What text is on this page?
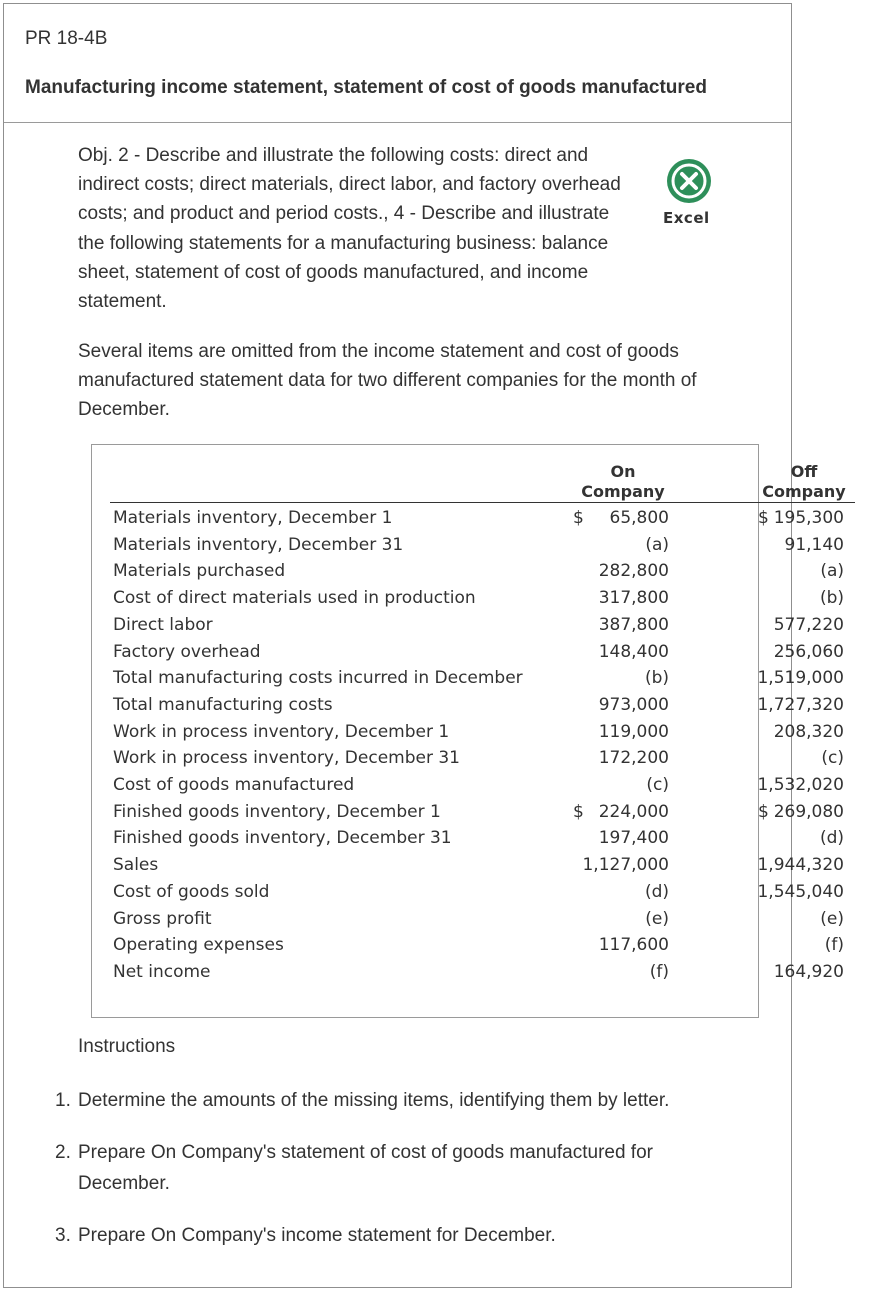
PR 18-4B
Manufacturing income statement, statement of cost of goods manufactured
Obj. 2 - Describe and illustrate the following costs: direct and indirect costs; direct materials, direct labor, and factory overhead costs; and product and period costs., 4 - Describe and illustrate the following statements for a manufacturing business: balance sheet, statement of cost of goods manufactured, and income statement.
Excel
Several items are omitted from the income statement and cost of goods manufactured statement data for two different companies for the month of December.
On
Company
Off
Company
Materials inventory, December 1	$ 65,800	$ 195,300
Materials inventory, December 31	(a)	91,140
Materials purchased	282,800	(a)
Cost of direct materials used in production	317,800	(b)
Direct labor	387,800	577,220
Factory overhead	148,400	256,060
Total manufacturing costs incurred in December	(b)	1,519,000
Total manufacturing costs	973,000	1,727,320
Work in process inventory, December 1	119,000	208,320
Work in process inventory, December 31	172,200	(c)
Cost of goods manufactured	(c)	1,532,020
Finished goods inventory, December 1	$ 224,000	$ 269,080
Finished goods inventory, December 31	197,400	(d)
Sales	1,127,000	1,944,320
Cost of goods sold	(d)	1,545,040
Gross profit	(e)	(e)
Operating expenses	117,600	(f)
Net income	(f)	164,920
Instructions
1. Determine the amounts of the missing items, identifying them by letter.
2. Prepare On Company's statement of cost of goods manufactured for December.
3. Prepare On Company's income statement for December.
